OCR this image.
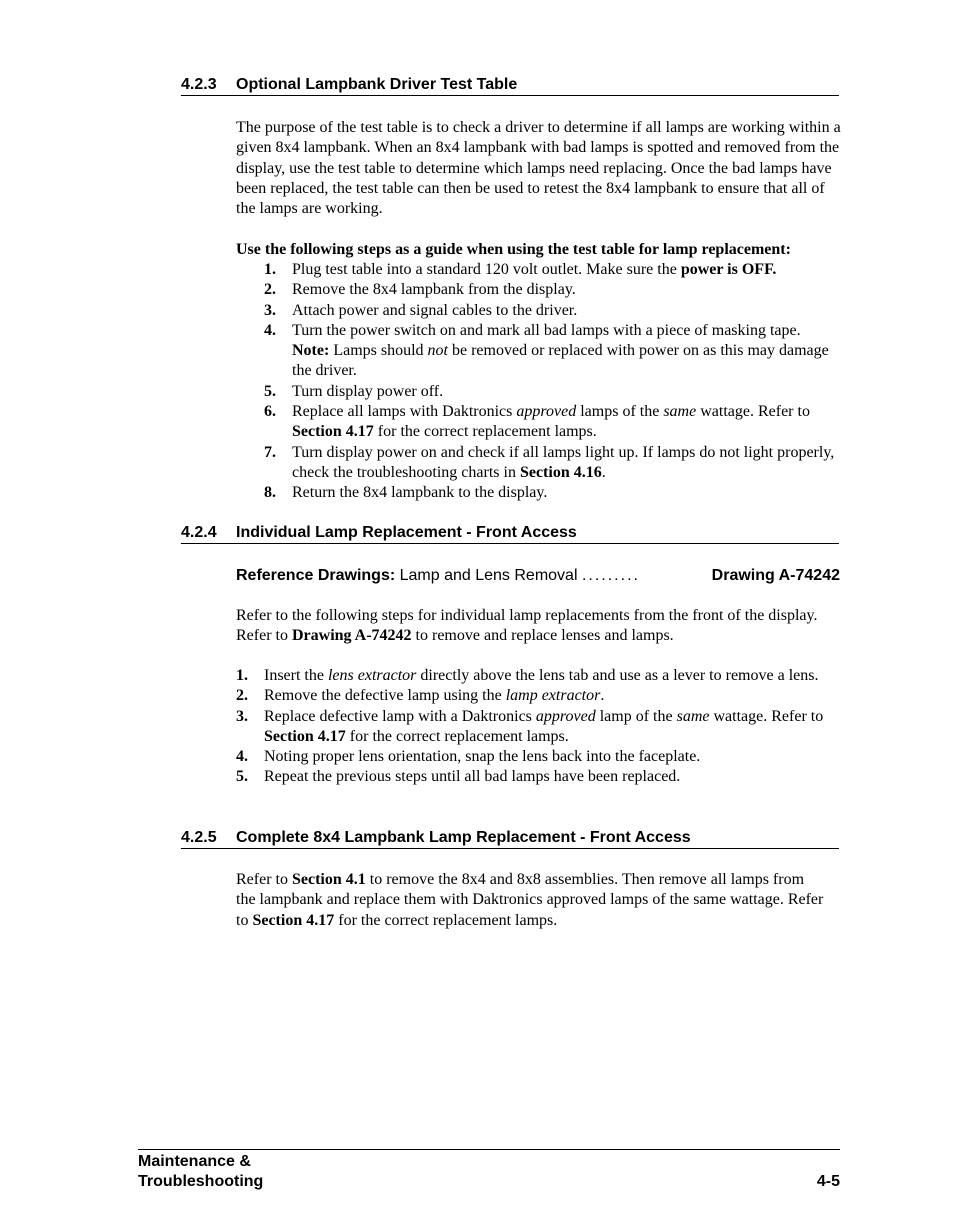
4.2.3 Optional Lampbank Driver Test Table
The purpose of the test table is to check a driver to determine if all lamps are working within a given 8x4 lampbank. When an 8x4 lampbank with bad lamps is spotted and removed from the display, use the test table to determine which lamps need replacing. Once the bad lamps have been replaced, the test table can then be used to retest the 8x4 lampbank to ensure that all of the lamps are working.
Use the following steps as a guide when using the test table for lamp replacement:
1. Plug test table into a standard 120 volt outlet. Make sure the power is OFF.
2. Remove the 8x4 lampbank from the display.
3. Attach power and signal cables to the driver.
4. Turn the power switch on and mark all bad lamps with a piece of masking tape.
Note: Lamps should not be removed or replaced with power on as this may damage the driver.
5. Turn display power off.
6. Replace all lamps with Daktronics approved lamps of the same wattage. Refer to Section 4.17 for the correct replacement lamps.
7. Turn display power on and check if all lamps light up. If lamps do not light properly, check the troubleshooting charts in Section 4.16.
8. Return the 8x4 lampbank to the display.
4.2.4 Individual Lamp Replacement - Front Access
Reference Drawings: Lamp and Lens Removal .........	Drawing A-74242
Refer to the following steps for individual lamp replacements from the front of the display. Refer to Drawing A-74242 to remove and replace lenses and lamps.
1. Insert the lens extractor directly above the lens tab and use as a lever to remove a lens.
2. Remove the defective lamp using the lamp extractor.
3. Replace defective lamp with a Daktronics approved lamp of the same wattage. Refer to Section 4.17 for the correct replacement lamps.
4. Noting proper lens orientation, snap the lens back into the faceplate.
5. Repeat the previous steps until all bad lamps have been replaced.
4.2.5 Complete 8x4 Lampbank Lamp Replacement - Front Access
Refer to Section 4.1 to remove the 8x4 and 8x8 assemblies. Then remove all lamps from the lampbank and replace them with Daktronics approved lamps of the same wattage. Refer to Section 4.17 for the correct replacement lamps.
Maintenance &
Troubleshooting	4-5
